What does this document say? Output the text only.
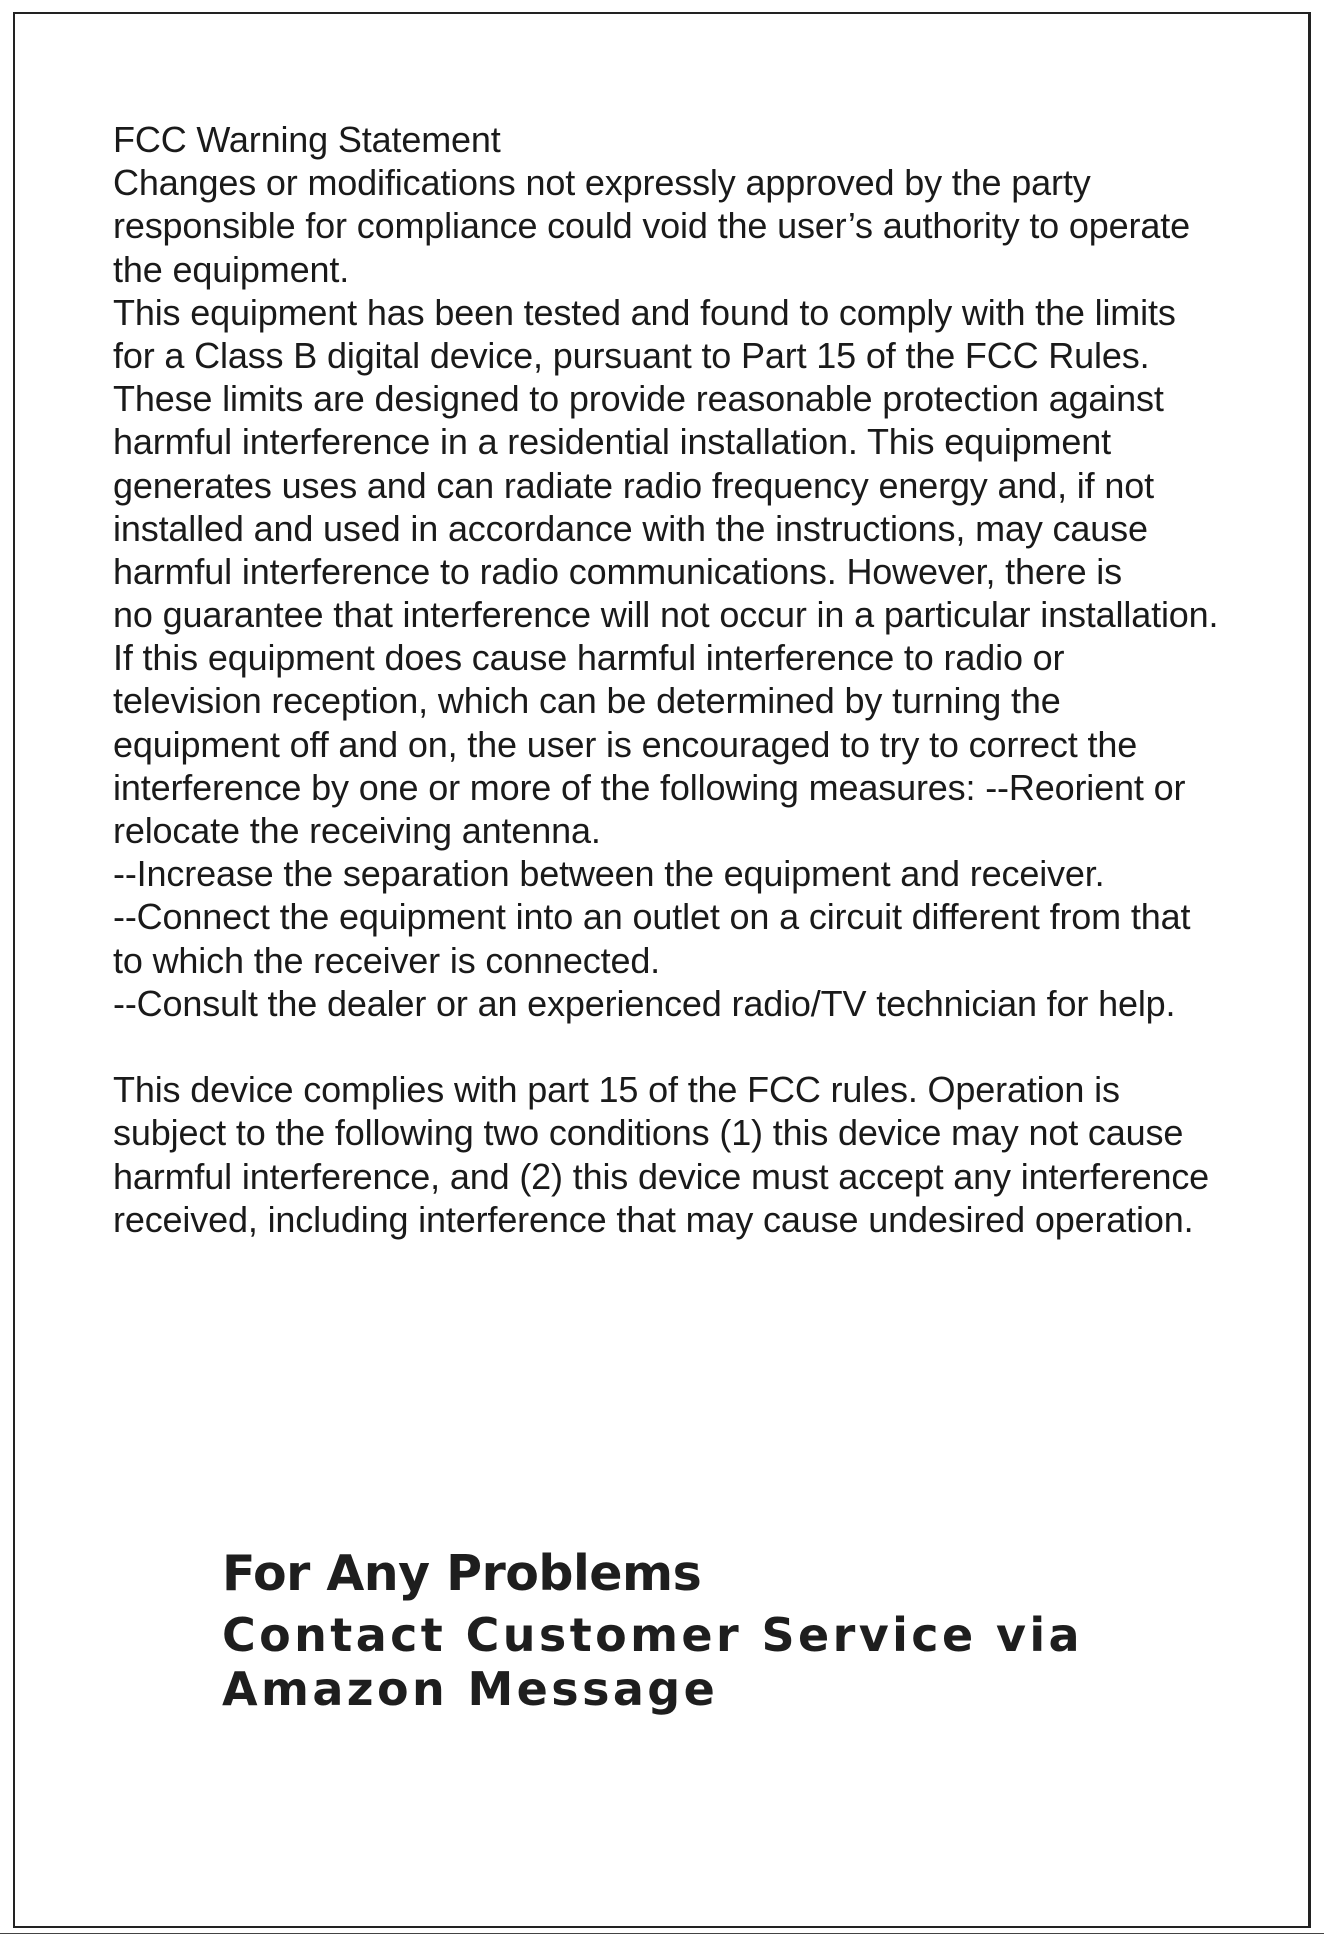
FCC Warning Statement
Changes or modifications not expressly approved by the party
responsible for compliance could void the user’s authority to operate
the equipment.
This equipment has been tested and found to comply with the limits
for a Class B digital device, pursuant to Part 15 of the FCC Rules.
These limits are designed to provide reasonable protection against
harmful interference in a residential installation. This equipment
generates uses and can radiate radio frequency energy and, if not
installed and used in accordance with the instructions, may cause
harmful interference to radio communications. However, there is
no guarantee that interference will not occur in a particular installation.
If this equipment does cause harmful interference to radio or
television reception, which can be determined by turning the
equipment off and on, the user is encouraged to try to correct the
interference by one or more of the following measures: --Reorient or
relocate the receiving antenna.
--Increase the separation between the equipment and receiver.
--Connect the equipment into an outlet on a circuit different from that
to which the receiver is connected.
--Consult the dealer or an experienced radio/TV technician for help.
This device complies with part 15 of the FCC rules. Operation is
subject to the following two conditions (1) this device may not cause
harmful interference, and (2) this device must accept any interference
received, including interference that may cause undesired operation.
For Any Problems
Contact Customer Service via
Amazon Message
